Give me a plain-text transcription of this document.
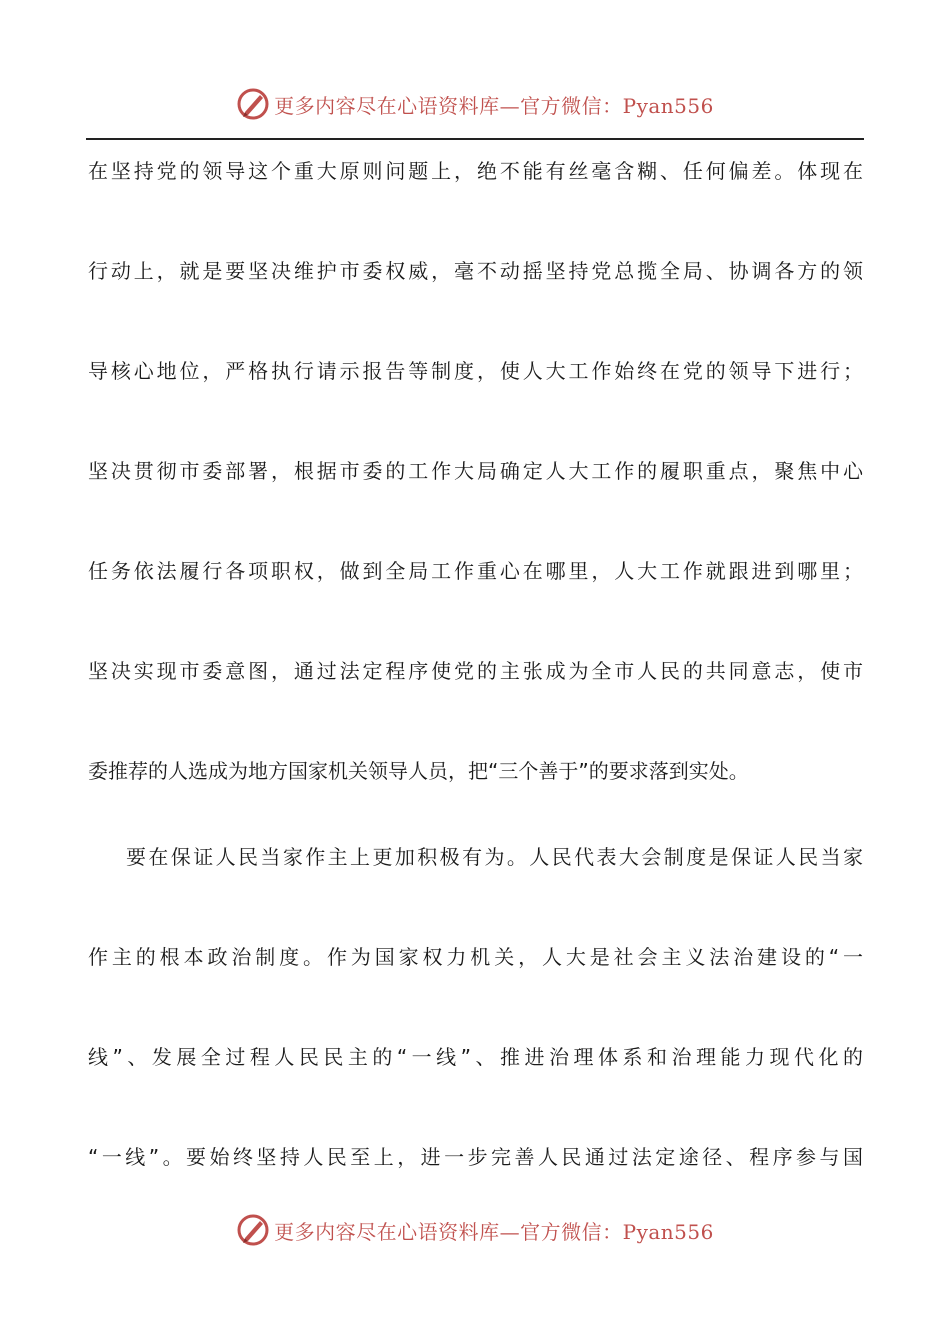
更多内容尽在心语资料库—官方微信：Pyan556
在坚持党的领导这个重大原则问题上，绝不能有丝毫含糊、任何偏差。体现在
行动上，就是要坚决维护市委权威，毫不动摇坚持党总揽全局、协调各方的领
导核心地位，严格执行请示报告等制度，使人大工作始终在党的领导下进行；
坚决贯彻市委部署，根据市委的工作大局确定人大工作的履职重点，聚焦中心
任务依法履行各项职权，做到全局工作重心在哪里，人大工作就跟进到哪里；
坚决实现市委意图，通过法定程序使党的主张成为全市人民的共同意志，使市
委推荐的人选成为地方国家机关领导人员，把“三个善于”的要求落到实处。
要在保证人民当家作主上更加积极有为。人民代表大会制度是保证人民当家
作主的根本政治制度。作为国家权力机关，人大是社会主义法治建设的“一
线”、发展全过程人民民主的“一线”、推进治理体系和治理能力现代化的
“一线”。要始终坚持人民至上，进一步完善人民通过法定途径、程序参与国
更多内容尽在心语资料库—官方微信：Pyan556
